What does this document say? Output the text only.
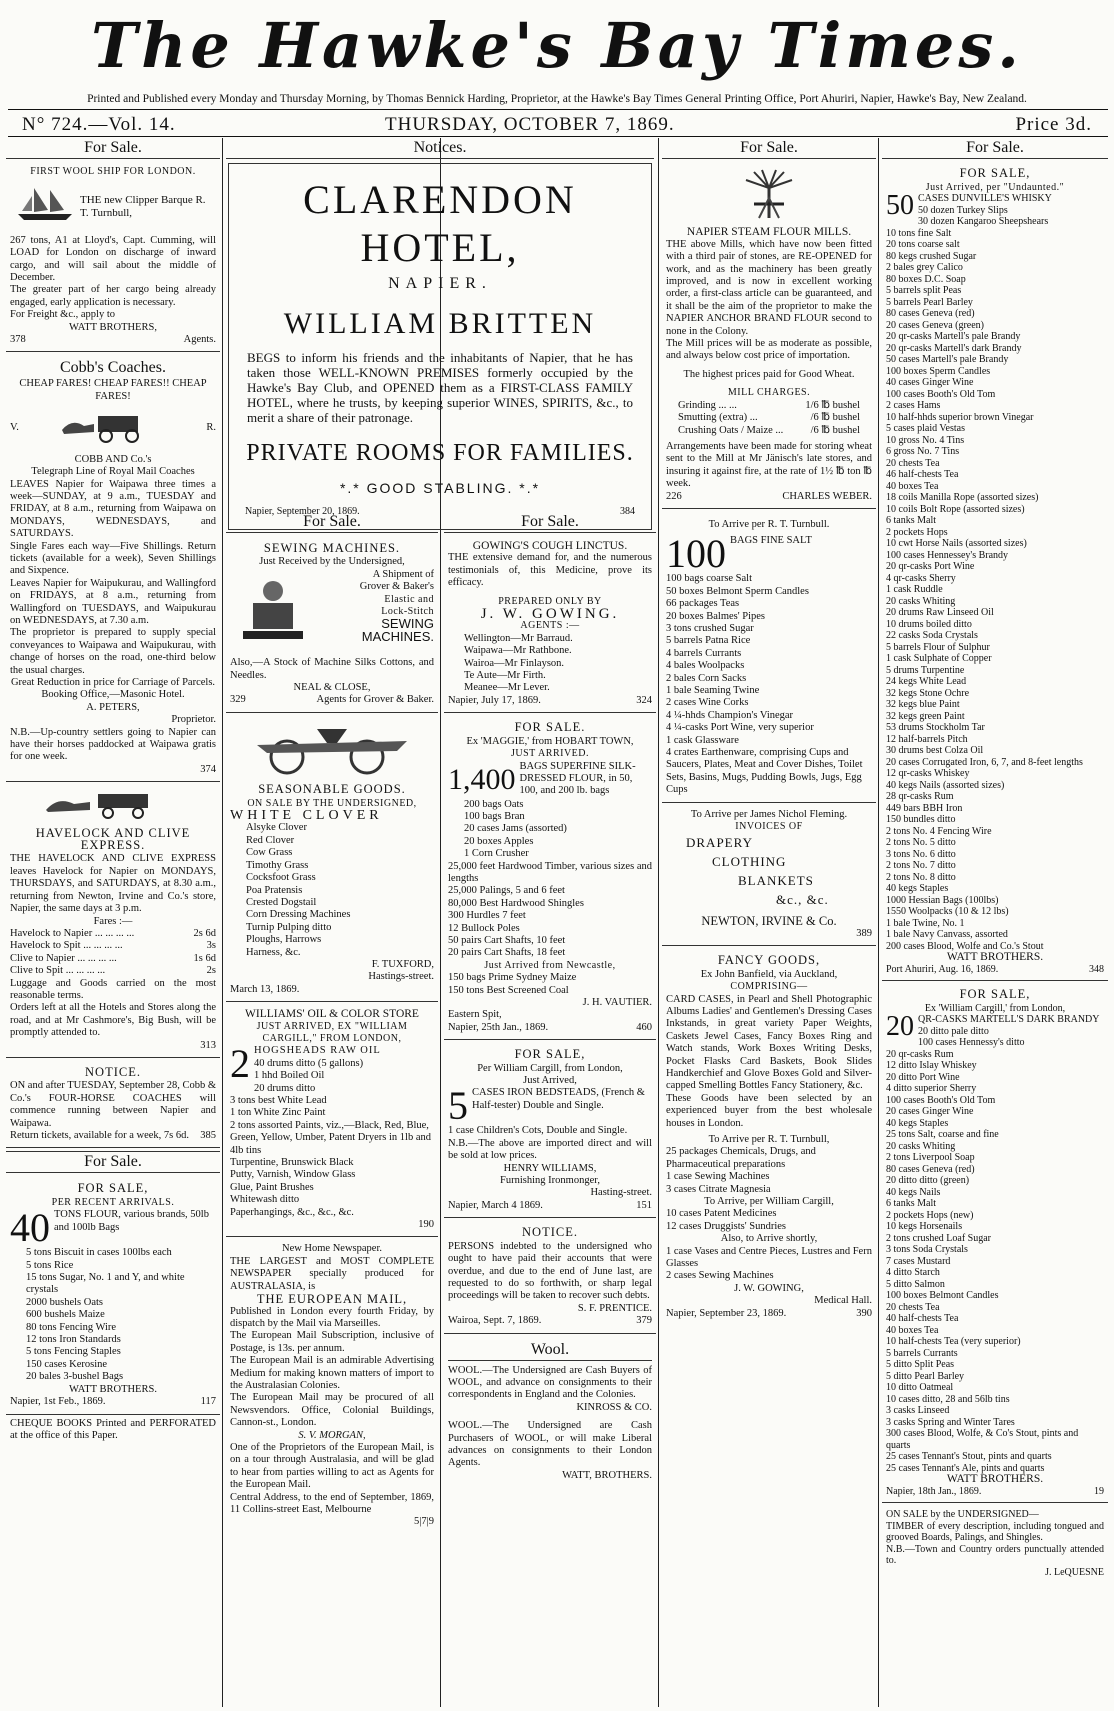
The Hawke's Bay Times.
Printed and Published every Monday and Thursday Morning, by Thomas Bennick Harding, Proprietor, at the Hawke's Bay Times General Printing Office, Port Ahuriri, Napier, Hawke's Bay, New Zealand.
N° 724.—Vol. 14.	THURSDAY, OCTOBER 7, 1869.	Price 3d.
For Sale.
FIRST WOOL SHIP FOR LONDON.
THE new Clipper Barque R. T. Turnbull,

267 tons, A1 at Lloyd's, Capt. Cumming, will LOAD for London on discharge of inward cargo, and will sail about the middle of December.

The greater part of her cargo being already engaged, early application is necessary.

For Freight &c., apply to

WATT BROTHERS,
378	Agents.
Cobb's Coaches.
CHEAP FARES! CHEAP FARES!! CHEAP FARES!
V.	R.
COBB AND Co.'s
Telegraph Line of Royal Mail Coaches

LEAVES Napier for Waipawa three times a week—SUNDAY, at 9 a.m., TUESDAY and FRIDAY, at 8 a.m., returning from Waipawa on MONDAYS, WEDNESDAYS, and SATURDAYS.

Single Fares each way—Five Shillings. Return tickets (available for a week), Seven Shillings and Sixpence.

Leaves Napier for Waipukurau, and Wallingford on FRIDAYS, at 8 a.m., returning from Wallingford on TUESDAYS, and Waipukurau on WEDNESDAYS, at 7.30 a.m.

The proprietor is prepared to supply special conveyances to Waipawa and Waipukurau, with change of horses on the road, one-third below the usual charges.

Great Reduction in price for Carriage of Parcels.
Booking Office,—Masonic Hotel.
A. PETERS,
Proprietor.

N.B.—Up-country settlers going to Napier can have their horses paddocked at Waipawa gratis for one week.

374
HAVELOCK AND CLIVE EXPRESS.

THE HAVELOCK AND CLIVE EXPRESS leaves Havelock for Napier on MONDAYS, THURSDAYS, and SATURDAYS, at 8.30 a.m., returning from Newton, Irvine and Co.'s store, Napier, the same days at 3 p.m.

Fares :—
Havelock to Napier ... ... ... ...	2s 6d
Havelock to Spit ... ... ... ...	3s
Clive to Napier ... ... ... ...	1s 6d
Clive to Spit ... ... ... ...	2s

Luggage and Goods carried on the most reasonable terms.

Orders left at all the Hotels and Stores along the road, and at Mr Cashmore's, Big Bush, will be promptly attended to.

313
NOTICE.

ON and after TUESDAY, September 28, Cobb & Co.'s FOUR-HORSE COACHES will commence running between Napier and Waipawa.

Return tickets, available for a week, 7s 6d. 385
For Sale.
FOR SALE,
PER RECENT ARRIVALS.
40 TONS FLOUR, various brands, 50lb and 100lb Bags
5 tons Biscuit in cases 100lbs each
5 tons Rice
15 tons Sugar, No. 1 and Y, and white crystals
2000 bushels Oats
600 bushels Maize
80 tons Fencing Wire
12 tons Iron Standards
5 tons Fencing Staples
150 cases Kerosine
20 bales 3-bushel Bags
WATT BROTHERS.
Napier, 1st Feb., 1869.	117
CHEQUE BOOKS Printed and PERFORATED at the office of this Paper.
Notices.
CLARENDON HOTEL,
NAPIER.
WILLIAM BRITTEN

BEGS to inform his friends and the inhabitants of Napier, that he has taken those WELL-KNOWN PREMISES formerly occupied by the Hawke's Bay Club, and OPENED them as a FIRST-CLASS FAMILY HOTEL, where he trusts, by keeping superior WINES, SPIRITS, &c., to merit a share of their patronage.

PRIVATE ROOMS FOR FAMILIES.
*.* GOOD STABLING. *.*
Napier, September 20, 1869.	384
For Sale.
SEWING MACHINES.
Just Received by the Undersigned,
A Shipment of
Grover & Baker's
Elastic and
Lock-Stitch
SEWING
MACHINES.

Also,—A Stock of Machine Silks Cottons, and Needles.

NEAL & CLOSE,
329	Agents for Grover & Baker.
SEASONABLE GOODS.
ON SALE BY THE UNDERSIGNED,
WHITE CLOVER
Alsyke Clover
Red Clover
Cow Grass
Timothy Grass
Cocksfoot Grass
Poa Pratensis
Crested Dogstail
Corn Dressing Machines
Turnip Pulping ditto
Ploughs, Harrows
Harness, &c.
F. TUXFORD,
Hastings-street.
March 13, 1869.
WILLIAMS' OIL & COLOR STORE
JUST ARRIVED, EX "WILLIAM CARGILL," FROM LONDON,
2 HOGSHEADS RAW OIL
40 drums ditto (5 gallons)
1 hhd Boiled Oil
20 drums ditto
3 tons best White Lead
1 ton White Zinc Paint
2 tons assorted Paints, viz.,—Black, Red, Blue, Green, Yellow, Umber, Patent Dryers in 1lb and 4lb tins
Turpentine, Brunswick Black
Putty, Varnish, Window Glass
Glue, Paint Brushes
Whitewash ditto
Paperhangings, &c., &c., &c.
190
New Home Newspaper.

THE LARGEST and MOST COMPLETE NEWSPAPER specially produced for AUSTRALASIA, is

THE EUROPEAN MAIL,

Published in London every fourth Friday, by dispatch by the Mail via Marseilles.

The European Mail Subscription, inclusive of Postage, is 13s. per annum.

The European Mail is an admirable Advertising Medium for making known matters of import to the Australasian Colonies.

The European Mail may be procured of all Newsvendors. Office, Colonial Buildings, Cannon-st., London.

S. V. MORGAN,

One of the Proprietors of the European Mail, is on a tour through Australasia, and will be glad to hear from parties willing to act as Agents for the European Mail.

Central Address, to the end of September, 1869, 11 Collins-street East, Melbourne

5|7|9
For Sale.
GOWING'S COUGH LINCTUS.

THE extensive demand for, and the numerous testimonials of, this Medicine, prove its efficacy.

PREPARED ONLY BY
J. W. GOWING.
AGENTS :—
Wellington—Mr Barraud.
Waipawa—Mr Rathbone.
Wairoa—Mr Finlayson.
Te Aute—Mr Firth.
Meanee—Mr Lever.
Napier, July 17, 1869.	324
FOR SALE.
Ex 'MAGGIE,' from HOBART TOWN,
JUST ARRIVED.
1,400 BAGS SUPERFINE SILK-DRESSED FLOUR, in 50, 100, and 200 lb. bags
200 bags Oats
100 bags Bran
20 cases Jams (assorted)
20 boxes Apples
1 Corn Crusher

25,000 feet Hardwood Timber, various sizes and lengths

25,000 Palings, 5 and 6 feet
80,000 Best Hardwood Shingles
300 Hurdles 7 feet
12 Bullock Poles
50 pairs Cart Shafts, 10 feet
20 pairs Cart Shafts, 18 feet
Just Arrived from Newcastle,
150 bags Prime Sydney Maize
150 tons Best Screened Coal
J. H. VAUTIER.
Eastern Spit,
Napier, 25th Jan., 1869.	460
FOR SALE,
Per William Cargill, from London,
Just Arrived,
5 CASES IRON BEDSTEADS, (French & Half-tester) Double and Single.
1 case Children's Cots, Double and Single.

N.B.—The above are imported direct and will be sold at low prices.

HENRY WILLIAMS,
Furnishing Ironmonger,
Hasting-street.
Napier, March 4 1869.	151
NOTICE.

PERSONS indebted to the undersigned who ought to have paid their accounts that were overdue, and due to the end of June last, are requested to do so forthwith, or sharp legal proceedings will be taken to recover such debts.

S. F. PRENTICE.
Wairoa, Sept. 7, 1869.	379
Wool.

WOOL.—The Undersigned are Cash Buyers of WOOL, and advance on consignments to their correspondents in England and the Colonies.

KINROSS & CO.

WOOL.—The Undersigned are Cash Purchasers of WOOL, or will make Liberal advances on consignments to their London Agents.

WATT, BROTHERS.
For Sale.
NAPIER STEAM FLOUR MILLS.

THE above Mills, which have now been fitted with a third pair of stones, are RE-OPENED for work, and as the machinery has been greatly improved, and is now in excellent working order, a first-class article can be guaranteed, and it shall be the aim of the proprietor to make the NAPIER ANCHOR BRAND FLOUR second to none in the Colony.

The Mill prices will be as moderate as possible, and always below cost price of importation.

The highest prices paid for Good Wheat.
MILL CHARGES.
Grinding ... ...	1/6 ℔ bushel
Smutting (extra) ...	/6 ℔ bushel
Crushing Oats / Maize ...	/6 ℔ bushel

Arrangements have been made for storing wheat sent to the Mill at Mr Jänisch's late stores, and insuring it against fire, at the rate of 1½ ℔ ton ℔ week.

226	CHARLES WEBER.
To Arrive per R. T. Turnbull.
100 BAGS FINE SALT
100 bags coarse Salt
50 boxes Belmont Sperm Candles
66 packages Teas
20 boxes Balmes' Pipes
3 tons crushed Sugar
5 barrels Patna Rice
4 barrels Currants
4 bales Woolpacks
2 bales Corn Sacks
1 bale Seaming Twine
2 cases Wine Corks
4 ¼-hhds Champion's Vinegar
4 ¼-casks Port Wine, very superior
1 cask Glassware
4 crates Earthenware, comprising Cups and Saucers, Plates, Meat and Cover Dishes, Toilet Sets, Basins, Mugs, Pudding Bowls, Jugs, Egg Cups
To Arrive per James Nichol Fleming.
INVOICES OF
DRAPERY
CLOTHING
BLANKETS
&c., &c.
NEWTON, IRVINE & Co.
389
FANCY GOODS,
Ex John Banfield, via Auckland,
COMPRISING—

CARD CASES, in Pearl and Shell Photographic Albums Ladies' and Gentlemen's Dressing Cases Inkstands, in great variety Paper Weights, Caskets Jewel Cases, Fancy Boxes Ring and Watch stands, Work Boxes Writing Desks, Pocket Flasks Card Baskets, Book Slides Handkerchief and Glove Boxes Gold and Silver-capped Smelling Bottles Fancy Stationery, &c.

These Goods have been selected by an experienced buyer from the best wholesale houses in London.

To Arrive per R. T. Turnbull,
25 packages Chemicals, Drugs, and Pharmaceutical preparations
1 case Sewing Machines
3 cases Citrate Magnesia
To Arrive, per William Cargill,
10 cases Patent Medicines
12 cases Druggists' Sundries
Also, to Arrive shortly,
1 case Vases and Centre Pieces, Lustres and Fern Glasses
2 cases Sewing Machines
J. W. GOWING,
Medical Hall.
Napier, September 23, 1869.	390
For Sale.
FOR SALE,
Just Arrived, per "Undaunted."
50 CASES DUNVILLE'S WHISKY
50 dozen Turkey Slips
30 dozen Kangaroo Sheepshears
10 tons fine Salt
20 tons coarse salt
80 kegs crushed Sugar
2 bales grey Calico
80 boxes D.C. Soap
5 barrels split Peas
5 barrels Pearl Barley
80 cases Geneva (red)
20 cases Geneva (green)
20 qr-casks Martell's pale Brandy
20 qr-casks Martell's dark Brandy
50 cases Martell's pale Brandy
100 boxes Sperm Candles
40 cases Ginger Wine
100 cases Booth's Old Tom
2 cases Hams
10 half-hhds superior brown Vinegar
5 cases plaid Vestas
10 gross No. 4 Tins
6 gross No. 7 Tins
20 chests Tea
46 half-chests Tea
40 boxes Tea
18 coils Manilla Rope (assorted sizes)
10 coils Bolt Rope (assorted sizes)
6 tanks Malt
2 pockets Hops
10 cwt Horse Nails (assorted sizes)
100 cases Hennessey's Brandy
20 qr-casks Port Wine
4 qr-casks Sherry
1 cask Ruddle
20 casks Whiting
20 drums Raw Linseed Oil
10 drums boiled ditto
22 casks Soda Crystals
5 barrels Flour of Sulphur
1 cask Sulphate of Copper
5 drums Turpentine
24 kegs White Lead
32 kegs Stone Ochre
32 kegs blue Paint
32 kegs green Paint
53 drums Stockholm Tar
12 half-barrels Pitch
30 drums best Colza Oil
20 cases Corrugated Iron, 6, 7, and 8-feet lengths
12 qr-casks Whiskey
40 kegs Nails (assorted sizes)
28 qr-casks Rum
449 bars BBH Iron
150 bundles ditto
2 tons No. 4 Fencing Wire
2 tons No. 5 ditto
3 tons No. 6 ditto
2 tons No. 7 ditto
2 tons No. 8 ditto
40 kegs Staples
1000 Hessian Bags (100lbs)
1550 Woolpacks (10 & 12 lbs)
1 bale Twine, No. 1
1 bale Navy Canvass, assorted
200 cases Blood, Wolfe and Co.'s Stout
WATT BROTHERS.
Port Ahuriri, Aug. 16, 1869.	348
FOR SALE,
Ex 'William Cargill,' from London,
20 QR-CASKS MARTELL'S DARK BRANDY
20 ditto pale ditto
100 cases Hennessy's ditto
20 qr-casks Rum
12 ditto Islay Whiskey
20 ditto Port Wine
4 ditto superior Sherry
100 cases Booth's Old Tom
20 cases Ginger Wine
40 kegs Staples
25 tons Salt, coarse and fine
20 casks Whiting
2 tons Liverpool Soap
80 cases Geneva (red)
20 ditto ditto (green)
40 kegs Nails
6 tanks Malt
2 pockets Hops (new)
10 kegs Horsenails
2 tons crushed Loaf Sugar
3 tons Soda Crystals
7 cases Mustard
4 ditto Starch
5 ditto Salmon
100 boxes Belmont Candles
20 chests Tea
40 half-chests Tea
40 boxes Tea
10 half-chests Tea (very superior)
5 barrels Currants
5 ditto Split Peas
5 ditto Pearl Barley
10 ditto Oatmeal
10 cases ditto, 28 and 56lb tins
3 casks Linseed
3 casks Spring and Winter Tares
300 cases Blood, Wolfe, & Co's Stout, pints and quarts
25 cases Tennant's Stout, pints and quarts
25 cases Tennant's Ale, pints and quarts
WATT BROTHERS.
Napier, 18th Jan., 1869.	19
ON SALE by the UNDERSIGNED—

TIMBER of every description, including tongued and grooved Boards, Palings, and Shingles.

N.B.—Town and Country orders punctually attended to.

J. LeQUESNE
